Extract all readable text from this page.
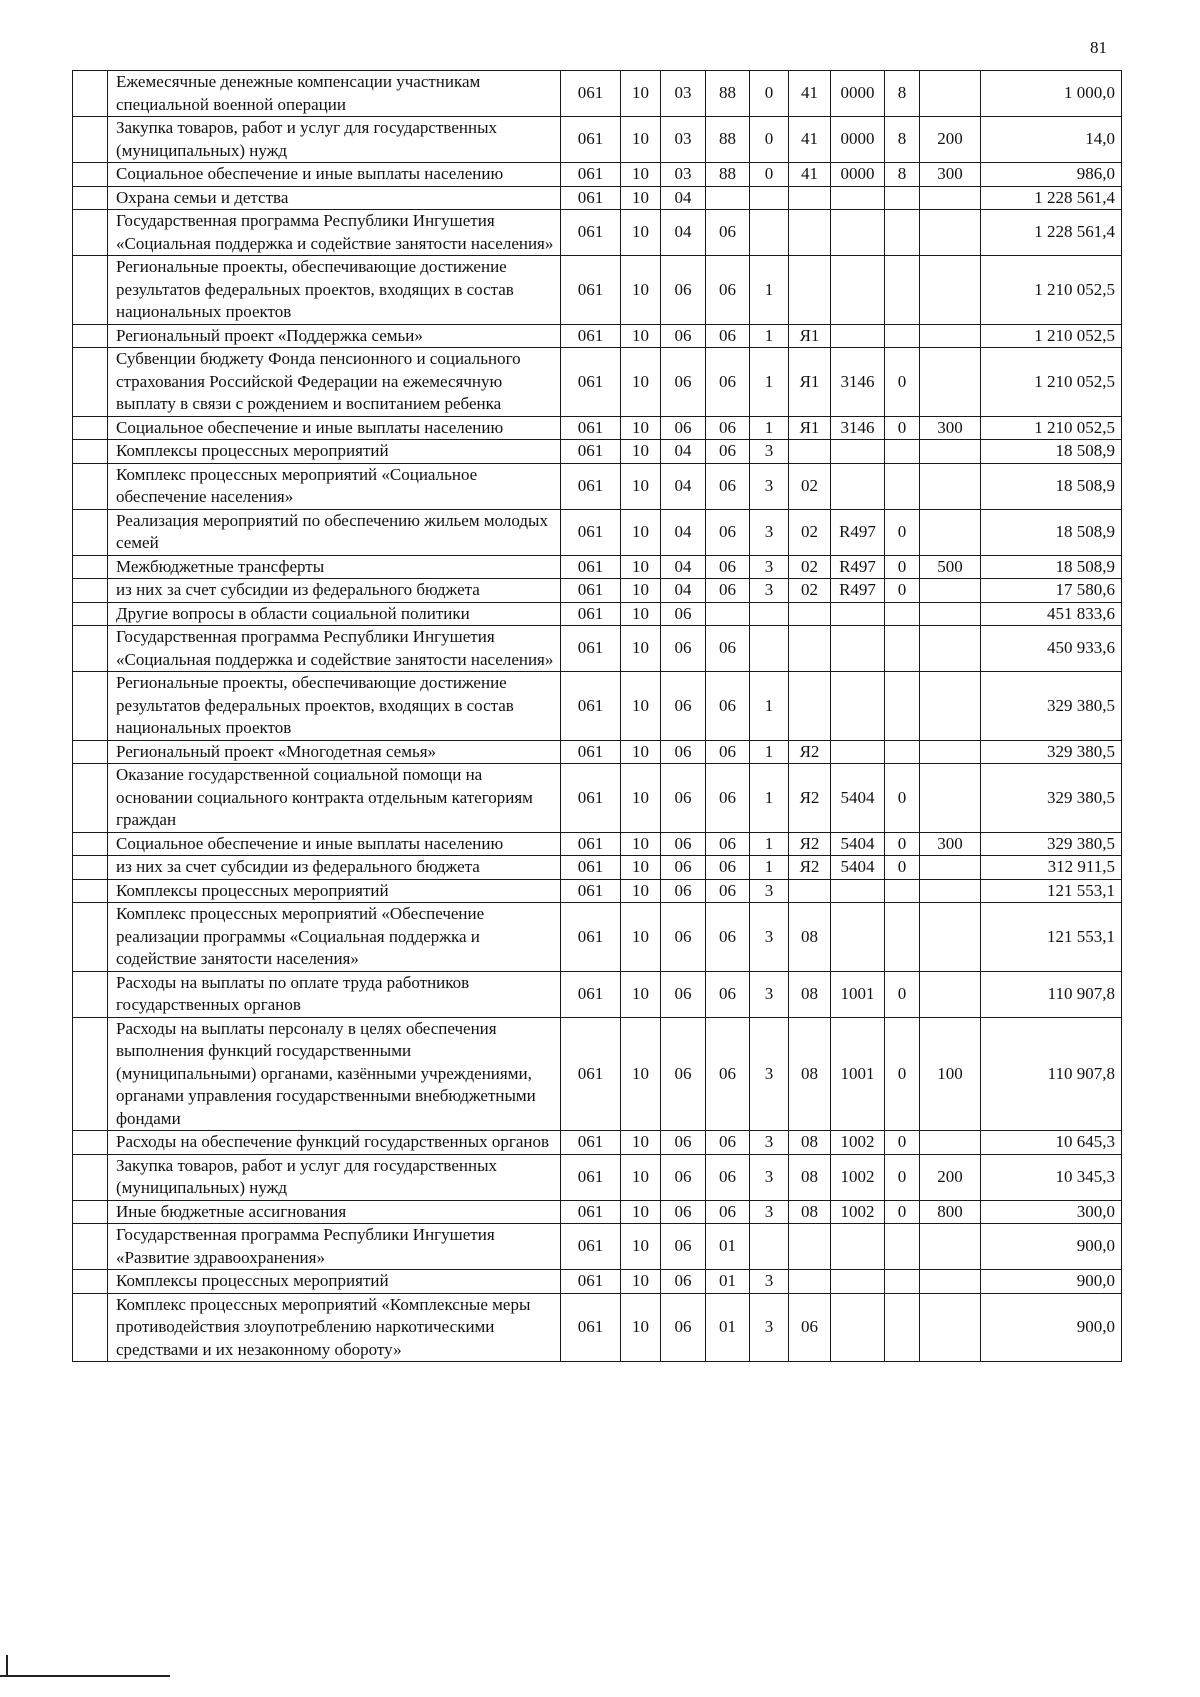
81
	Ежемесячные денежные компенсации участникам специальной военной операции	061	10	03	88	0	41	0000	8		1 000,0
	Закупка товаров, работ и услуг для государственных (муниципальных) нужд	061	10	03	88	0	41	0000	8	200	14,0
	Социальное обеспечение и иные выплаты населению	061	10	03	88	0	41	0000	8	300	986,0
	Охрана семьи и детства	061	10	04							1 228 561,4
	Государственная программа Республики Ингушетия «Социальная поддержка и содействие занятости населения»	061	10	04	06						1 228 561,4
	Региональные проекты, обеспечивающие достижение результатов федеральных проектов, входящих в состав национальных проектов	061	10	06	06	1					1 210 052,5
	Региональный проект «Поддержка семьи»	061	10	06	06	1	Я1				1 210 052,5
	Субвенции бюджету Фонда пенсионного и социального страхования Российской Федерации на ежемесячную выплату в связи с рождением и воспитанием ребенка	061	10	06	06	1	Я1	3146	0		1 210 052,5
	Социальное обеспечение и иные выплаты населению	061	10	06	06	1	Я1	3146	0	300	1 210 052,5
	Комплексы процессных мероприятий	061	10	04	06	3					18 508,9
	Комплекс процессных мероприятий «Социальное обеспечение населения»	061	10	04	06	3	02				18 508,9
	Реализация мероприятий по обеспечению жильем молодых семей	061	10	04	06	3	02	R497	0		18 508,9
	Межбюджетные трансферты	061	10	04	06	3	02	R497	0	500	18 508,9
	из них за счет субсидии из федерального бюджета	061	10	04	06	3	02	R497	0		17 580,6
	Другие вопросы в области социальной политики	061	10	06							451 833,6
	Государственная программа Республики Ингушетия «Социальная поддержка и содействие занятости населения»	061	10	06	06						450 933,6
	Региональные проекты, обеспечивающие достижение результатов федеральных проектов, входящих в состав национальных проектов	061	10	06	06	1					329 380,5
	Региональный проект «Многодетная семья»	061	10	06	06	1	Я2				329 380,5
	Оказание государственной социальной помощи на основании социального контракта отдельным категориям граждан	061	10	06	06	1	Я2	5404	0		329 380,5
	Социальное обеспечение и иные выплаты населению	061	10	06	06	1	Я2	5404	0	300	329 380,5
	из них за счет субсидии из федерального бюджета	061	10	06	06	1	Я2	5404	0		312 911,5
	Комплексы процессных мероприятий	061	10	06	06	3					121 553,1
	Комплекс процессных мероприятий «Обеспечение реализации программы «Социальная поддержка и содействие занятости населения»	061	10	06	06	3	08				121 553,1
	Расходы на выплаты по оплате труда работников государственных органов	061	10	06	06	3	08	1001	0		110 907,8
	Расходы на выплаты персоналу в целях обеспечения выполнения функций государственными (муниципальными) органами, казёнными учреждениями, органами управления государственными внебюджетными фондами	061	10	06	06	3	08	1001	0	100	110 907,8
	Расходы на обеспечение функций государственных органов	061	10	06	06	3	08	1002	0		10 645,3
	Закупка товаров, работ и услуг для государственных (муниципальных) нужд	061	10	06	06	3	08	1002	0	200	10 345,3
	Иные бюджетные ассигнования	061	10	06	06	3	08	1002	0	800	300,0
	Государственная программа Республики Ингушетия «Развитие здравоохранения»	061	10	06	01						900,0
	Комплексы процессных мероприятий	061	10	06	01	3					900,0
	Комплекс процессных мероприятий «Комплексные меры противодействия злоупотреблению наркотическими средствами и их незаконному обороту»	061	10	06	01	3	06				900,0
